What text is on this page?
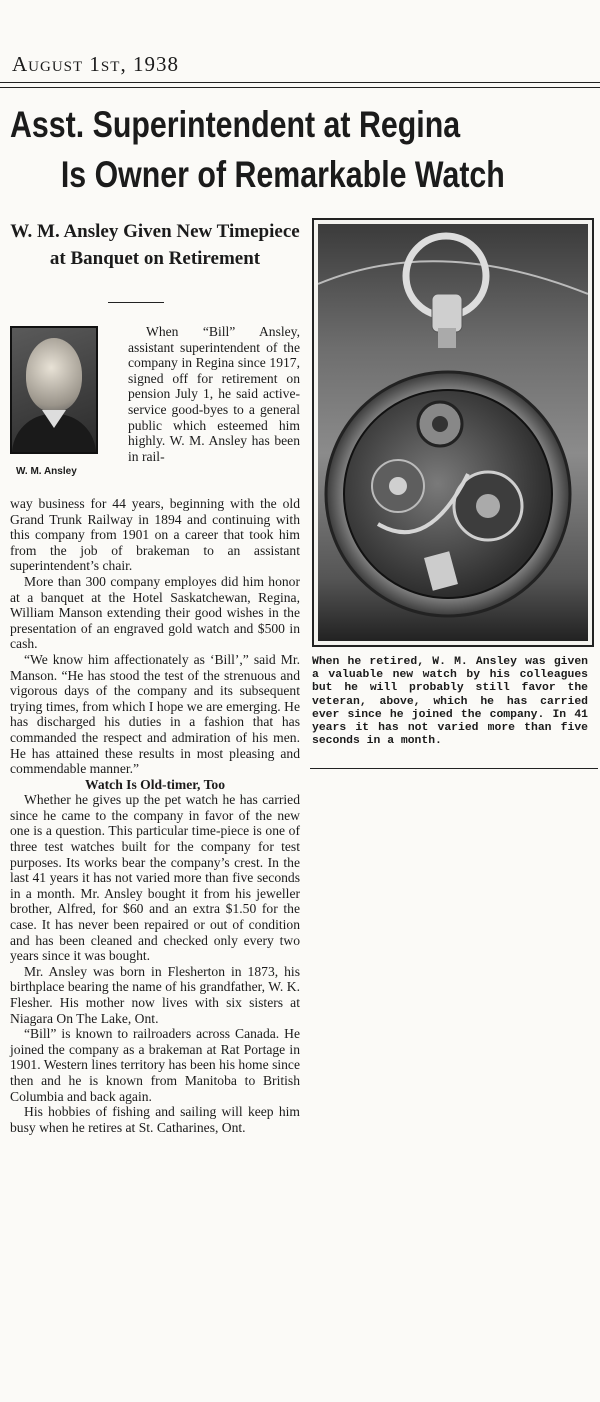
August 1st, 1938
Asst. Superintendent at Regina
Is Owner of Remarkable Watch
W. M. Ansley Given New Timepiece at Banquet on Retirement
W. M. Ansley

When “Bill” Ansley, assistant superintendent of the company in Regina since 1917, signed off for retirement on pension July 1, he said active-service good-byes to a general public which esteemed him highly. W. M. Ansley has been in rail-

way business for 44 years, beginning with the old Grand Trunk Railway in 1894 and continuing with this company from 1901 on a career that took him from the job of brakeman to an assistant superintendent’s chair.

More than 300 company employes did him honor at a banquet at the Hotel Saskatchewan, Regina, William Manson extending their good wishes in the presentation of an engraved gold watch and $500 in cash.

“We know him affectionately as ‘Bill’,” said Mr. Manson. “He has stood the test of the strenuous and vigorous days of the company and its subsequent trying times, from which I hope we are emerging. He has discharged his duties in a fashion that has commanded the respect and admiration of his men. He has attained these results in most pleasing and commendable manner.”

Watch Is Old-timer, Too

Whether he gives up the pet watch he has carried since he came to the company in favor of the new one is a question. This particular time-piece is one of three test watches built for the company for test purposes. Its works bear the company’s crest. In the last 41 years it has not varied more than five seconds in a month. Mr. Ansley bought it from his jeweller brother, Alfred, for $60 and an extra $1.50 for the case. It has never been repaired or out of condition and has been cleaned and checked only every two years since it was bought.

Mr. Ansley was born in Flesherton in 1873, his birthplace bearing the name of his grandfather, W. K. Flesher. His mother now lives with six sisters at Niagara On The Lake, Ont.

“Bill” is known to railroaders across Canada. He joined the company as a brakeman at Rat Portage in 1901. Western lines territory has been his home since then and he is known from Manitoba to British Columbia and back again.

His hobbies of fishing and sailing will keep him busy when he retires at St. Catharines, Ont.

When he retired, W. M. Ansley was given a valuable new watch by his colleagues but he will probably still favor the veteran, above, which he has carried ever since he joined the company. In 41 years it has not varied more than five seconds in a month.
